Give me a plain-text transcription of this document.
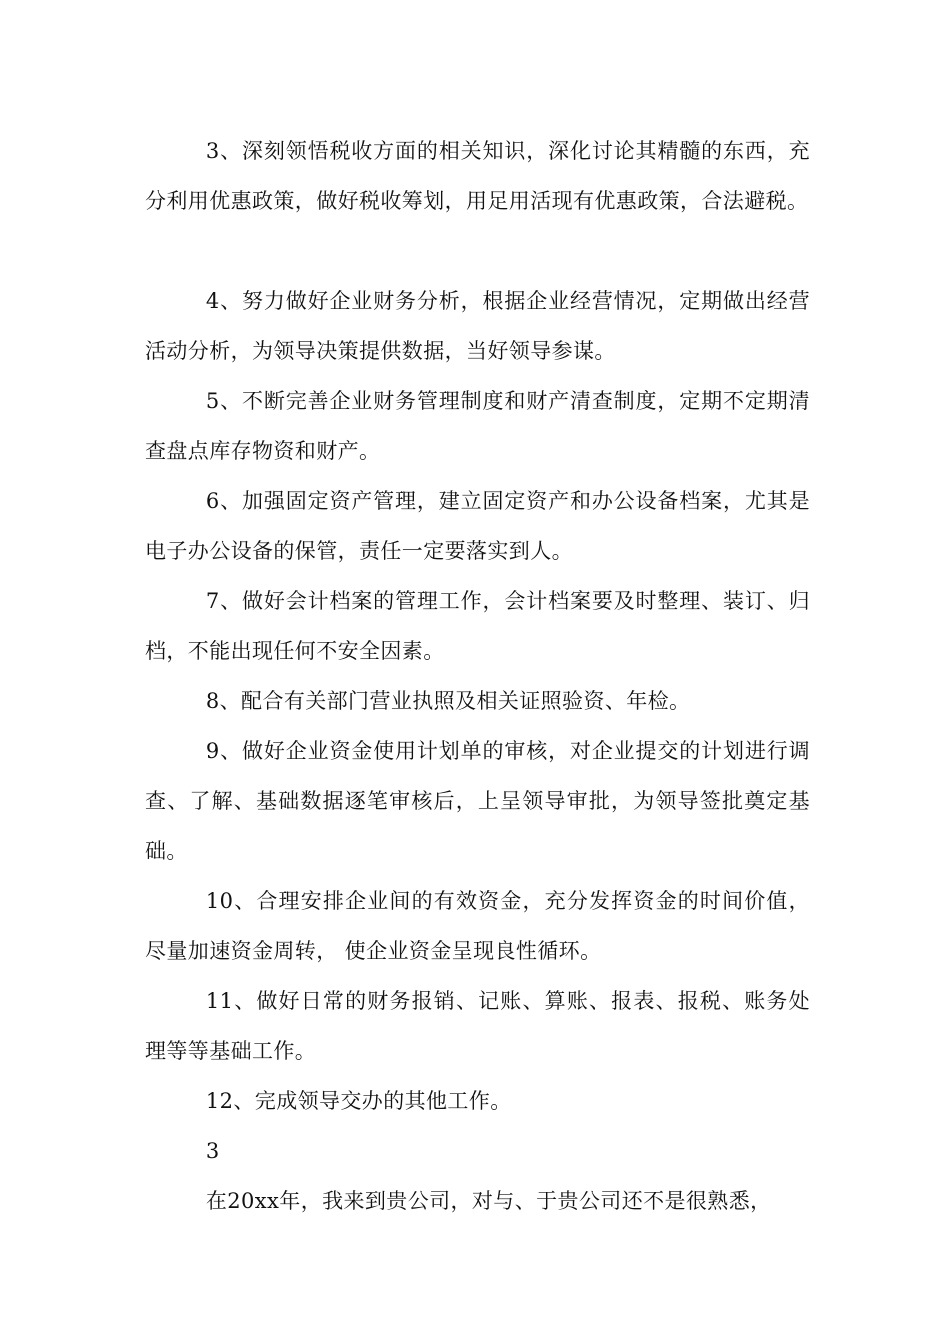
3、深刻领悟税收方面的相关知识，深化讨论其精髓的东西，充分利用优惠政策，做好税收筹划，用足用活现有优惠政策，合法避税。

4、努力做好企业财务分析，根据企业经营情况，定期做出经营活动分析，为领导决策提供数据，当好领导参谋。

5、不断完善企业财务管理制度和财产清查制度，定期不定期清查盘点库存物资和财产。

6、加强固定资产管理，建立固定资产和办公设备档案，尤其是电子办公设备的保管，责任一定要落实到人。

7、做好会计档案的管理工作，会计档案要及时整理、装订、归档，不能出现任何不安全因素。

8、配合有关部门营业执照及相关证照验资、年检。

9、做好企业资金使用计划单的审核，对企业提交的计划进行调查、了解、基础数据逐笔审核后，上呈领导审批，为领导签批奠定基础。

10、合理安排企业间的有效资金，充分发挥资金的时间价值，尽量加速资金周转， 使企业资金呈现良性循环。

11、做好日常的财务报销、记账、算账、报表、报税、账务处理等等基础工作。

12、完成领导交办的其他工作。

3

在20xx年，我来到贵公司，对与、于贵公司还不是很熟悉，
